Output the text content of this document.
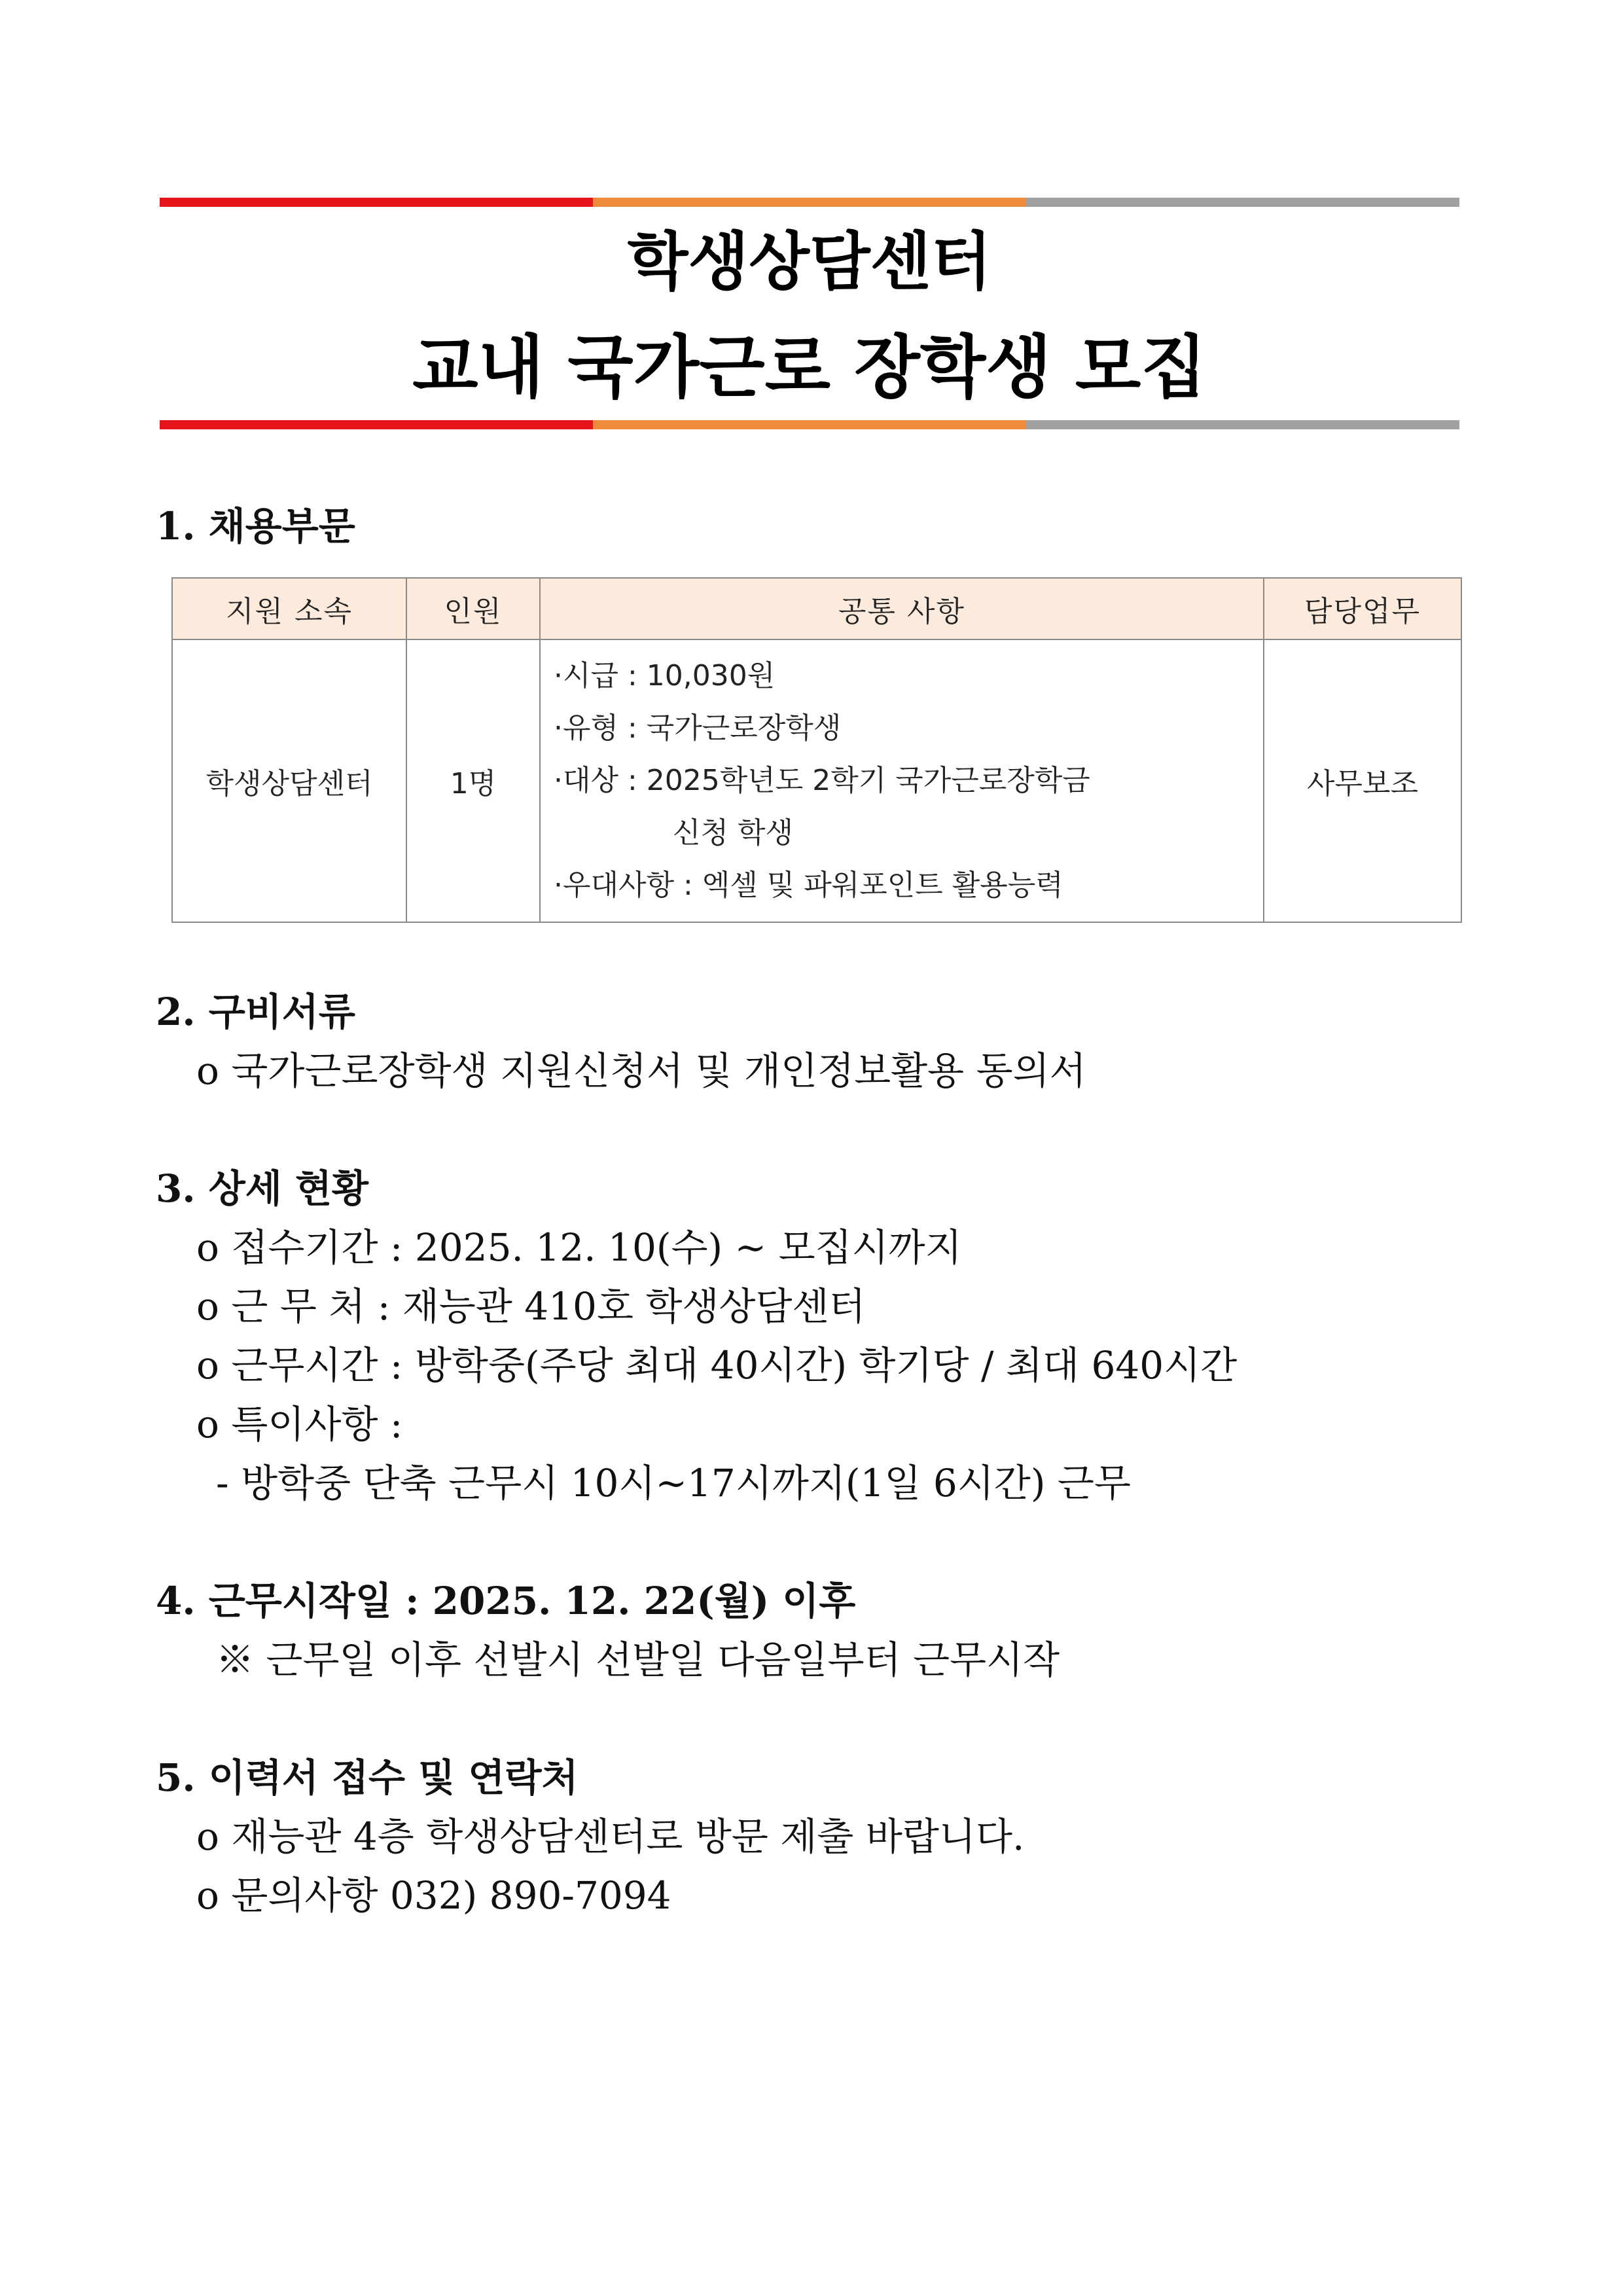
학생상담센터
교내 국가근로 장학생 모집
1. 채용부문
지원 소속	인원	공통 사항	담당업무
학생상담센터	1명	·시급 : 10,030원
·유형 : 국가근로장학생
·대상 : 2025학년도 2학기 국가근로장학금
신청 학생
·우대사항 : 엑셀 및 파워포인트 활용능력	사무보조
2. 구비서류
o 국가근로장학생 지원신청서 및 개인정보활용 동의서
3. 상세 현황
o 접수기간 : 2025. 12. 10(수) ~ 모집시까지
o 근 무 처 : 재능관 410호 학생상담센터
o 근무시간 : 방학중(주당 최대 40시간) 학기당 / 최대 640시간
o 특이사항 :
- 방학중 단축 근무시 10시~17시까지(1일 6시간) 근무
4. 근무시작일 : 2025. 12. 22(월) 이후
※ 근무일 이후 선발시 선발일 다음일부터 근무시작
5. 이력서 접수 및 연락처
o 재능관 4층 학생상담센터로 방문 제출 바랍니다.
o 문의사항 032) 890-7094
